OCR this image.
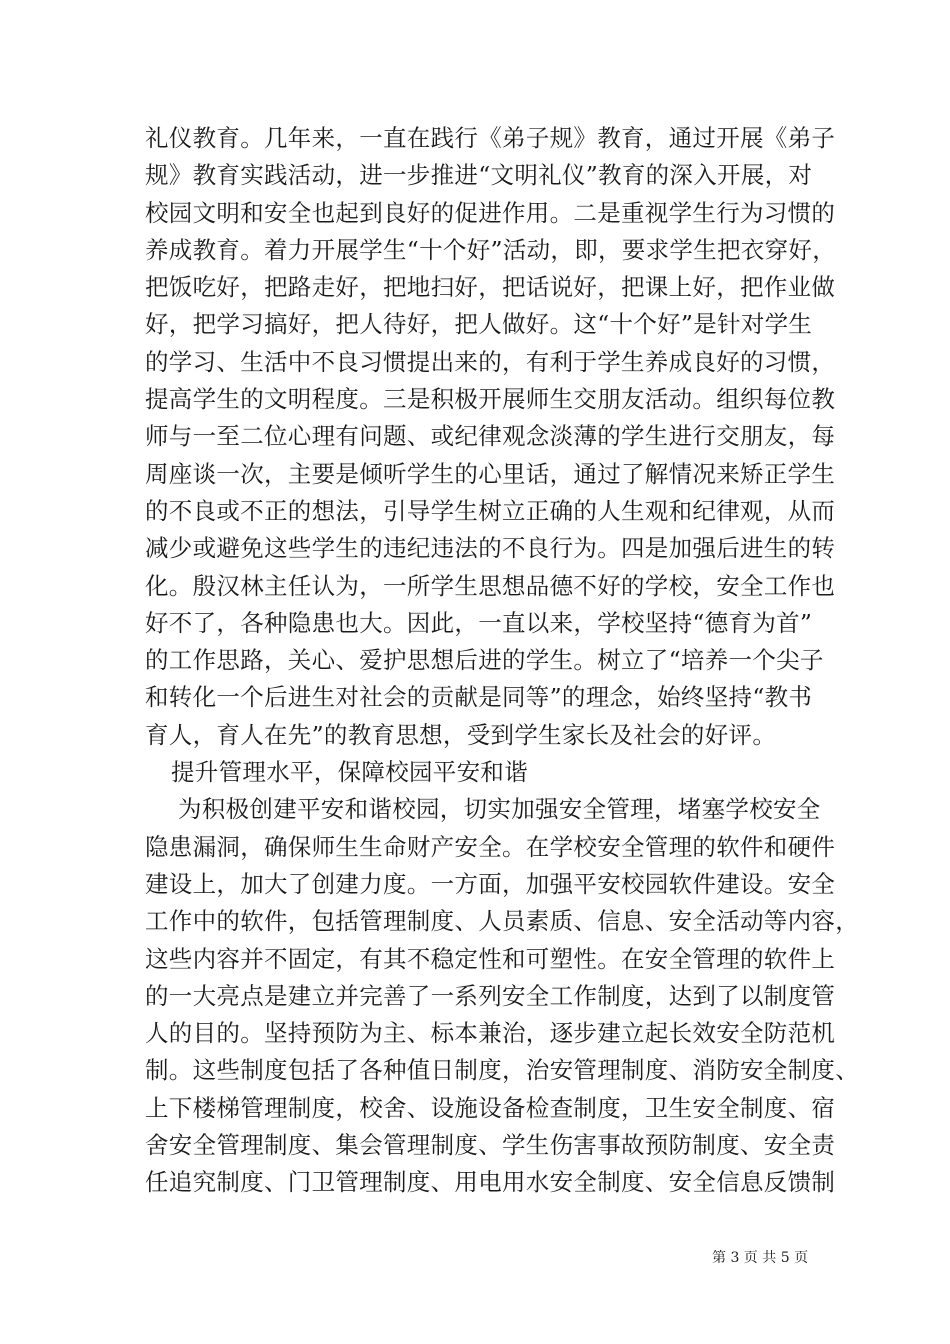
礼仪教育。几年来，一直在践行《弟子规》教育，通过开展《弟子
规》教育实践活动，进一步推进“文明礼仪”教育的深入开展，对
校园文明和安全也起到良好的促进作用。二是重视学生行为习惯的
养成教育。着力开展学生“十个好”活动，即，要求学生把衣穿好，
把饭吃好，把路走好，把地扫好，把话说好，把课上好，把作业做
好，把学习搞好，把人待好，把人做好。这“十个好”是针对学生
的学习、生活中不良习惯提出来的，有利于学生养成良好的习惯，
提高学生的文明程度。三是积极开展师生交朋友活动。组织每位教
师与一至二位心理有问题、或纪律观念淡薄的学生进行交朋友，每
周座谈一次，主要是倾听学生的心里话，通过了解情况来矫正学生
的不良或不正的想法，引导学生树立正确的人生观和纪律观，从而
减少或避免这些学生的违纪违法的不良行为。四是加强后进生的转
化。殷汉林主任认为，一所学生思想品德不好的学校，安全工作也
好不了，各种隐患也大。因此，一直以来，学校坚持“德育为首”
的工作思路，关心、爱护思想后进的学生。树立了“培养一个尖子
和转化一个后进生对社会的贡献是同等”的理念，始终坚持“教书
育人，育人在先”的教育思想，受到学生家长及社会的好评。
提升管理水平，保障校园平安和谐
为积极创建平安和谐校园，切实加强安全管理，堵塞学校安全
隐患漏洞，确保师生生命财产安全。在学校安全管理的软件和硬件
建设上，加大了创建力度。一方面，加强平安校园软件建设。安全
工作中的软件，包括管理制度、人员素质、信息、安全活动等内容，
这些内容并不固定，有其不稳定性和可塑性。在安全管理的软件上
的一大亮点是建立并完善了一系列安全工作制度，达到了以制度管
人的目的。坚持预防为主、标本兼治，逐步建立起长效安全防范机
制。这些制度包括了各种值日制度，治安管理制度、消防安全制度、
上下楼梯管理制度，校舍、设施设备检查制度，卫生安全制度、宿
舍安全管理制度、集会管理制度、学生伤害事故预防制度、安全责
任追究制度、门卫管理制度、用电用水安全制度、安全信息反馈制
第 3 页 共 5 页
